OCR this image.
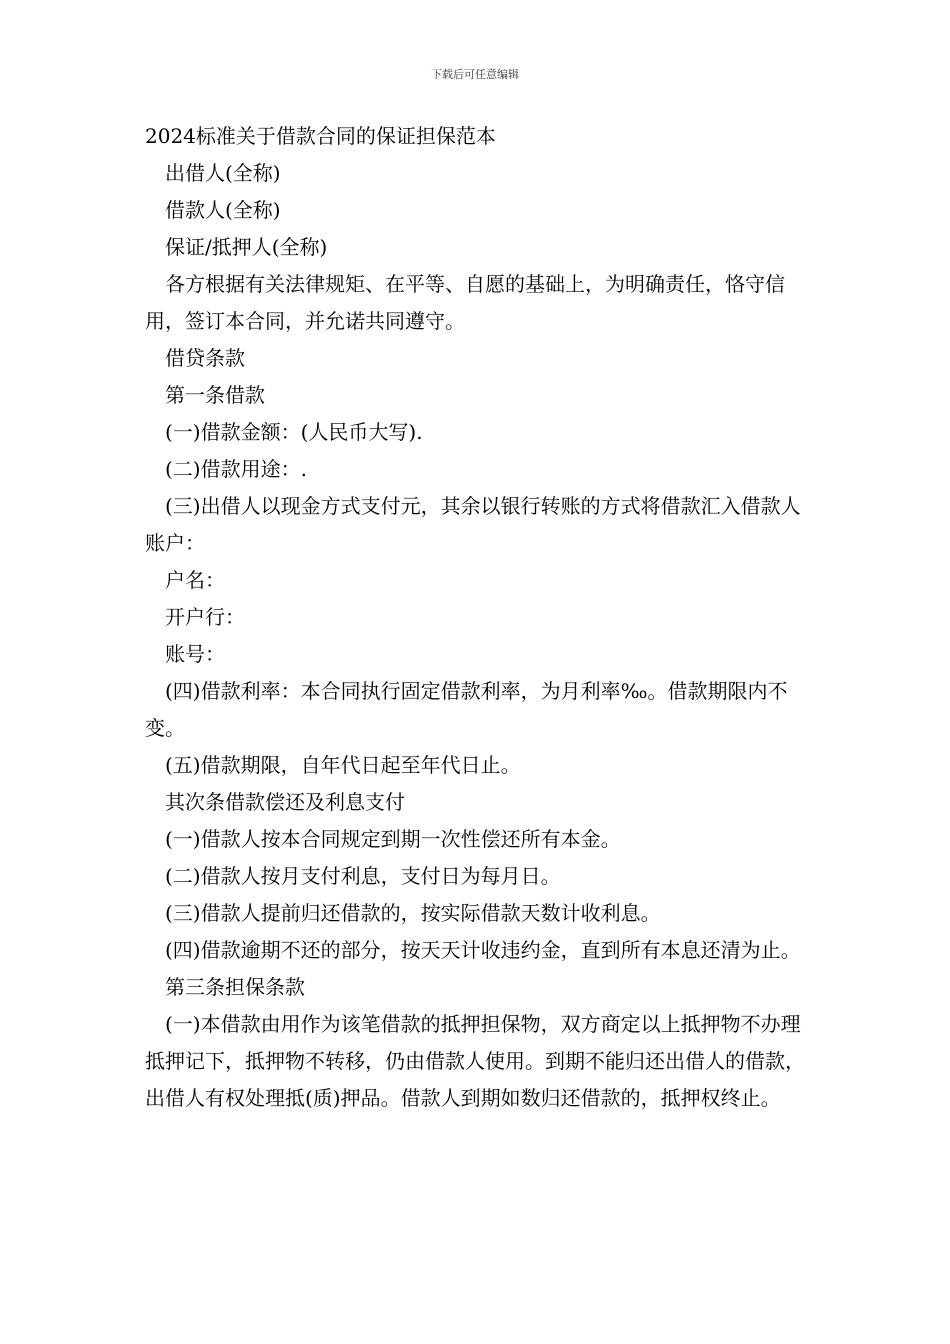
下载后可任意编辑

2024标准关于借款合同的保证担保范本

出借人(全称)

借款人(全称)

保证/抵押人(全称)

各方根据有关法律规矩、在平等、自愿的基础上，为明确责任，恪守信用，签订本合同，并允诺共同遵守。

借贷条款

第一条借款

(一)借款金额：(人民币大写).

(二)借款用途：.

(三)出借人以现金方式支付元，其余以银行转账的方式将借款汇入借款人账户：

户名：

开户行：

账号：

(四)借款利率：本合同执行固定借款利率，为月利率‰。借款期限内不变。

(五)借款期限，自年代日起至年代日止。

其次条借款偿还及利息支付

(一)借款人按本合同规定到期一次性偿还所有本金。

(二)借款人按月支付利息，支付日为每月日。

(三)借款人提前归还借款的，按实际借款天数计收利息。

(四)借款逾期不还的部分，按天天计收违约金，直到所有本息还清为止。

第三条担保条款

(一)本借款由用作为该笔借款的抵押担保物，双方商定以上抵押物不办理抵押记下，抵押物不转移，仍由借款人使用。到期不能归还出借人的借款，出借人有权处理抵(质)押品。借款人到期如数归还借款的，抵押权终止。
